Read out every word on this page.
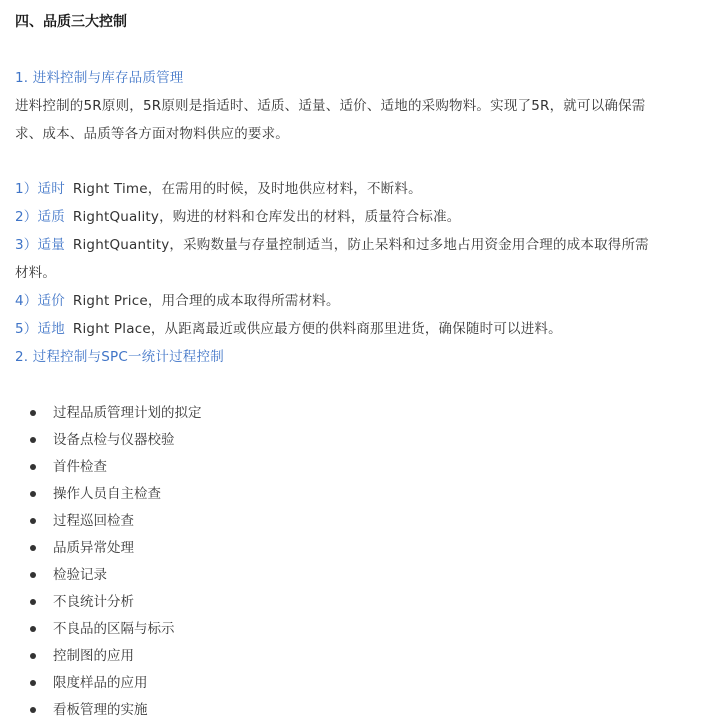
四、品质三大控制
1. 进料控制与库存品质管理
进料控制的5R原则，5R原则是指适时、适质、适量、适价、适地的采购物料。实现了5R，就可以确保需
求、成本、品质等各方面对物料供应的要求。
1）适时 Right Time，在需用的时候，及时地供应材料，不断料。
2）适质 RightQuality，购进的材料和仓库发出的材料，质量符合标准。
3）适量 RightQuantity，采购数量与存量控制适当，防止呆料和过多地占用资金用合理的成本取得所需
材料。
4）适价 Right Price，用合理的成本取得所需材料。
5）适地 Right Place，从距离最近或供应最方便的供料商那里进货，确保随时可以进料。
2. 过程控制与SPC一统计过程控制
过程品质管理计划的拟定
设备点检与仪器校验
首件检查
操作人员自主检查
过程巡回检查
品质异常处理
检验记录
不良统计分析
不良品的区隔与标示
控制图的应用
限度样品的应用
看板管理的实施
